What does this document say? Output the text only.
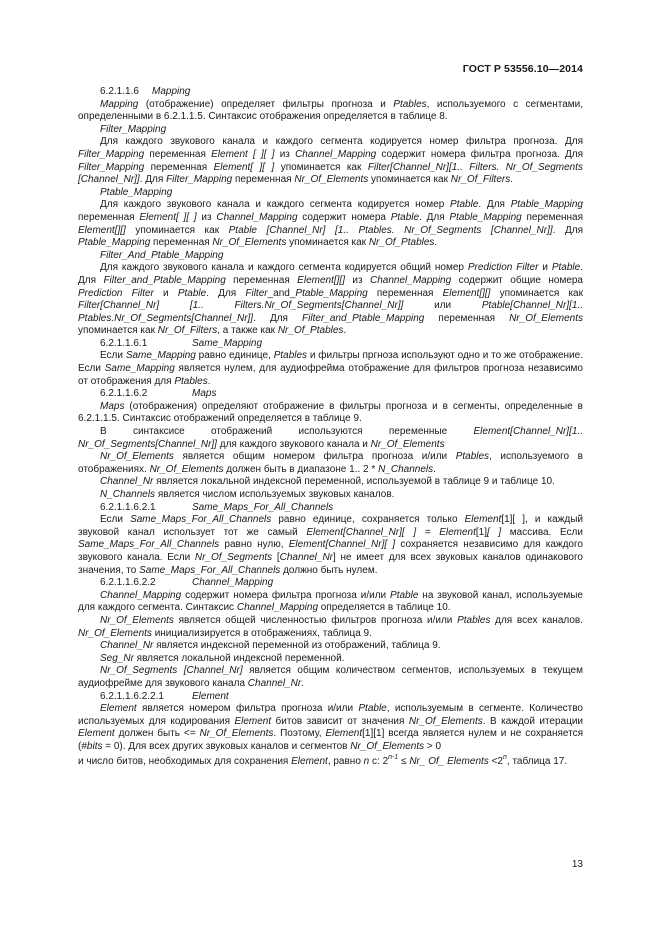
ГОСТ Р 53556.10—2014

6.2.1.1.6 Mapping

Mapping (отображение) определяет фильтры прогноза и Ptables, используемого с сегментами, определенными в 6.2.1.1.5. Синтаксис отображения определяется в таблице 8.

Filter_Mapping

Для каждого звукового канала и каждого сегмента кодируется номер фильтра прогноза. Для Filter_Mapping переменная Element [ ][ ] из Channel_Mapping содержит номера фильтра прогноза. Для Filter_Mapping переменная Element[ ][ ] упоминается как Filter[Channel_Nr][1.. Filters. Nr_Of_Segments [Channel_Nr]]. Для Filter_Mapping переменная Nr_Of_Elements упоминается как Nr_Of_Filters.

Ptable_Mapping

Для каждого звукового канала и каждого сегмента кодируется номер Ptable. Для Ptable_Mapping переменная Element[ ][ ] из Channel_Mapping содержит номера Ptable. Для Ptable_Mapping переменная Element[][] упоминается как Ptable [Channel_Nr] [1.. Ptables. Nr_Of_Segments [Channel_Nr]]. Для Ptable_Mapping переменная Nr_Of_Elements упоминается как Nr_Of_Ptables.

Filter_And_Ptable_Mapping

Для каждого звукового канала и каждого сегмента кодируется общий номер Prediction Filter и Ptable. Для Filter_and_Ptable_Mapping переменная Element[][] из Channel_Mapping содержит общие номера Prediction Filter и Ptable. Для Filter_and_Ptable_Mapping переменная Element[][] упоминается как Filter[Channel_Nr] [1.. Filters.Nr_Of_Segments[Channel_Nr]] или Ptable[Channel_Nr][1.. Ptables.Nr_Of_Segments[Channel_Nr]]. Для Filter_and_Ptable_Mapping переменная Nr_Of_Elements упоминается как Nr_Of_Filters, а также как Nr_Of_Ptables.

6.2.1.1.6.1	Same_Mapping

Если Same_Mapping равно единице, Ptables и фильтры пргноза используют одно и то же отображение. Если Same_Mapping является нулем, для аудиофрейма отображение для фильтров прогноза независимо от отображения для Ptables.

6.2.1.1.6.2	Maps

Maps (отображения) определяют отображение в фильтры прогноза и в сегменты, определенные в 6.2.1.1.5. Синтаксис отображений определяется в таблице 9.

В синтаксисе отображений используются переменные Element[Channel_Nr][1.. Nr_Of_Segments[Channel_Nr]] для каждого звукового канала и Nr_Of_Elements

Nr_Of_Elements является общим номером фильтра прогноза и/или Ptables, используемого в отображениях. Nr_Of_Elements должен быть в диапазоне 1.. 2 * N_Channels.

Channel_Nr является локальной индексной переменной, используемой в таблице 9 и таблице 10.

N_Channels является числом используемых звуковых каналов.

6.2.1.1.6.2.1	Same_Maps_For_All_Channels

Если Same_Maps_For_All_Channels равно единице, сохраняется только Element[1][ ], и каждый звуковой канал использует тот же самый Element[Channel_Nr][ ] = Element[1][ ] массива. Если Same_Maps_For_All_Channels равно нулю, Element[Channel_Nr][ ] сохраняется независимо для каждого звукового канала. Если Nr_Of_Segments [Channel_Nr] не имеет для всех звуковых каналов одинакового значения, то Same_Maps_For_All_Channels должно быть нулем.

6.2.1.1.6.2.2	Channel_Mapping

Channel_Mapping содержит номера фильтра прогноза и/или Ptable на звуковой канал, используемые для каждого сегмента. Синтаксис Channel_Mapping определяется в таблице 10.

Nr_Of_Elements является общей численностью фильтров прогноза и/или Ptables для всех каналов. Nr_Of_Elements инициализируется в отображениях, таблица 9.

Channel_Nr является индексной переменной из отображений, таблица 9.

Seg_Nr является локальной индексной переменной.

Nr_Of_Segments [Channel_Nr] является общим количеством сегментов, используемых в текущем аудиофрейме для звукового канала Channel_Nr.

6.2.1.1.6.2.2.1	Element

Element является номером фильтра прогноза и/или Ptable, используемым в сегменте. Количество используемых для кодирования Element битов зависит от значения Nr_Of_Elements. В каждой итерации Element должен быть <= Nr_Of_Elements. Поэтому, Element[1][1] всегда является нулем и не сохраняется (#bits = 0). Для всех других звуковых каналов и сегментов Nr_Of_Elements > 0

и число битов, необходимых для сохранения Element, равно n с: $2^{n-1}$ ≤ Nr_ Of_ Elements $<2^n$, таблица 17.

13
